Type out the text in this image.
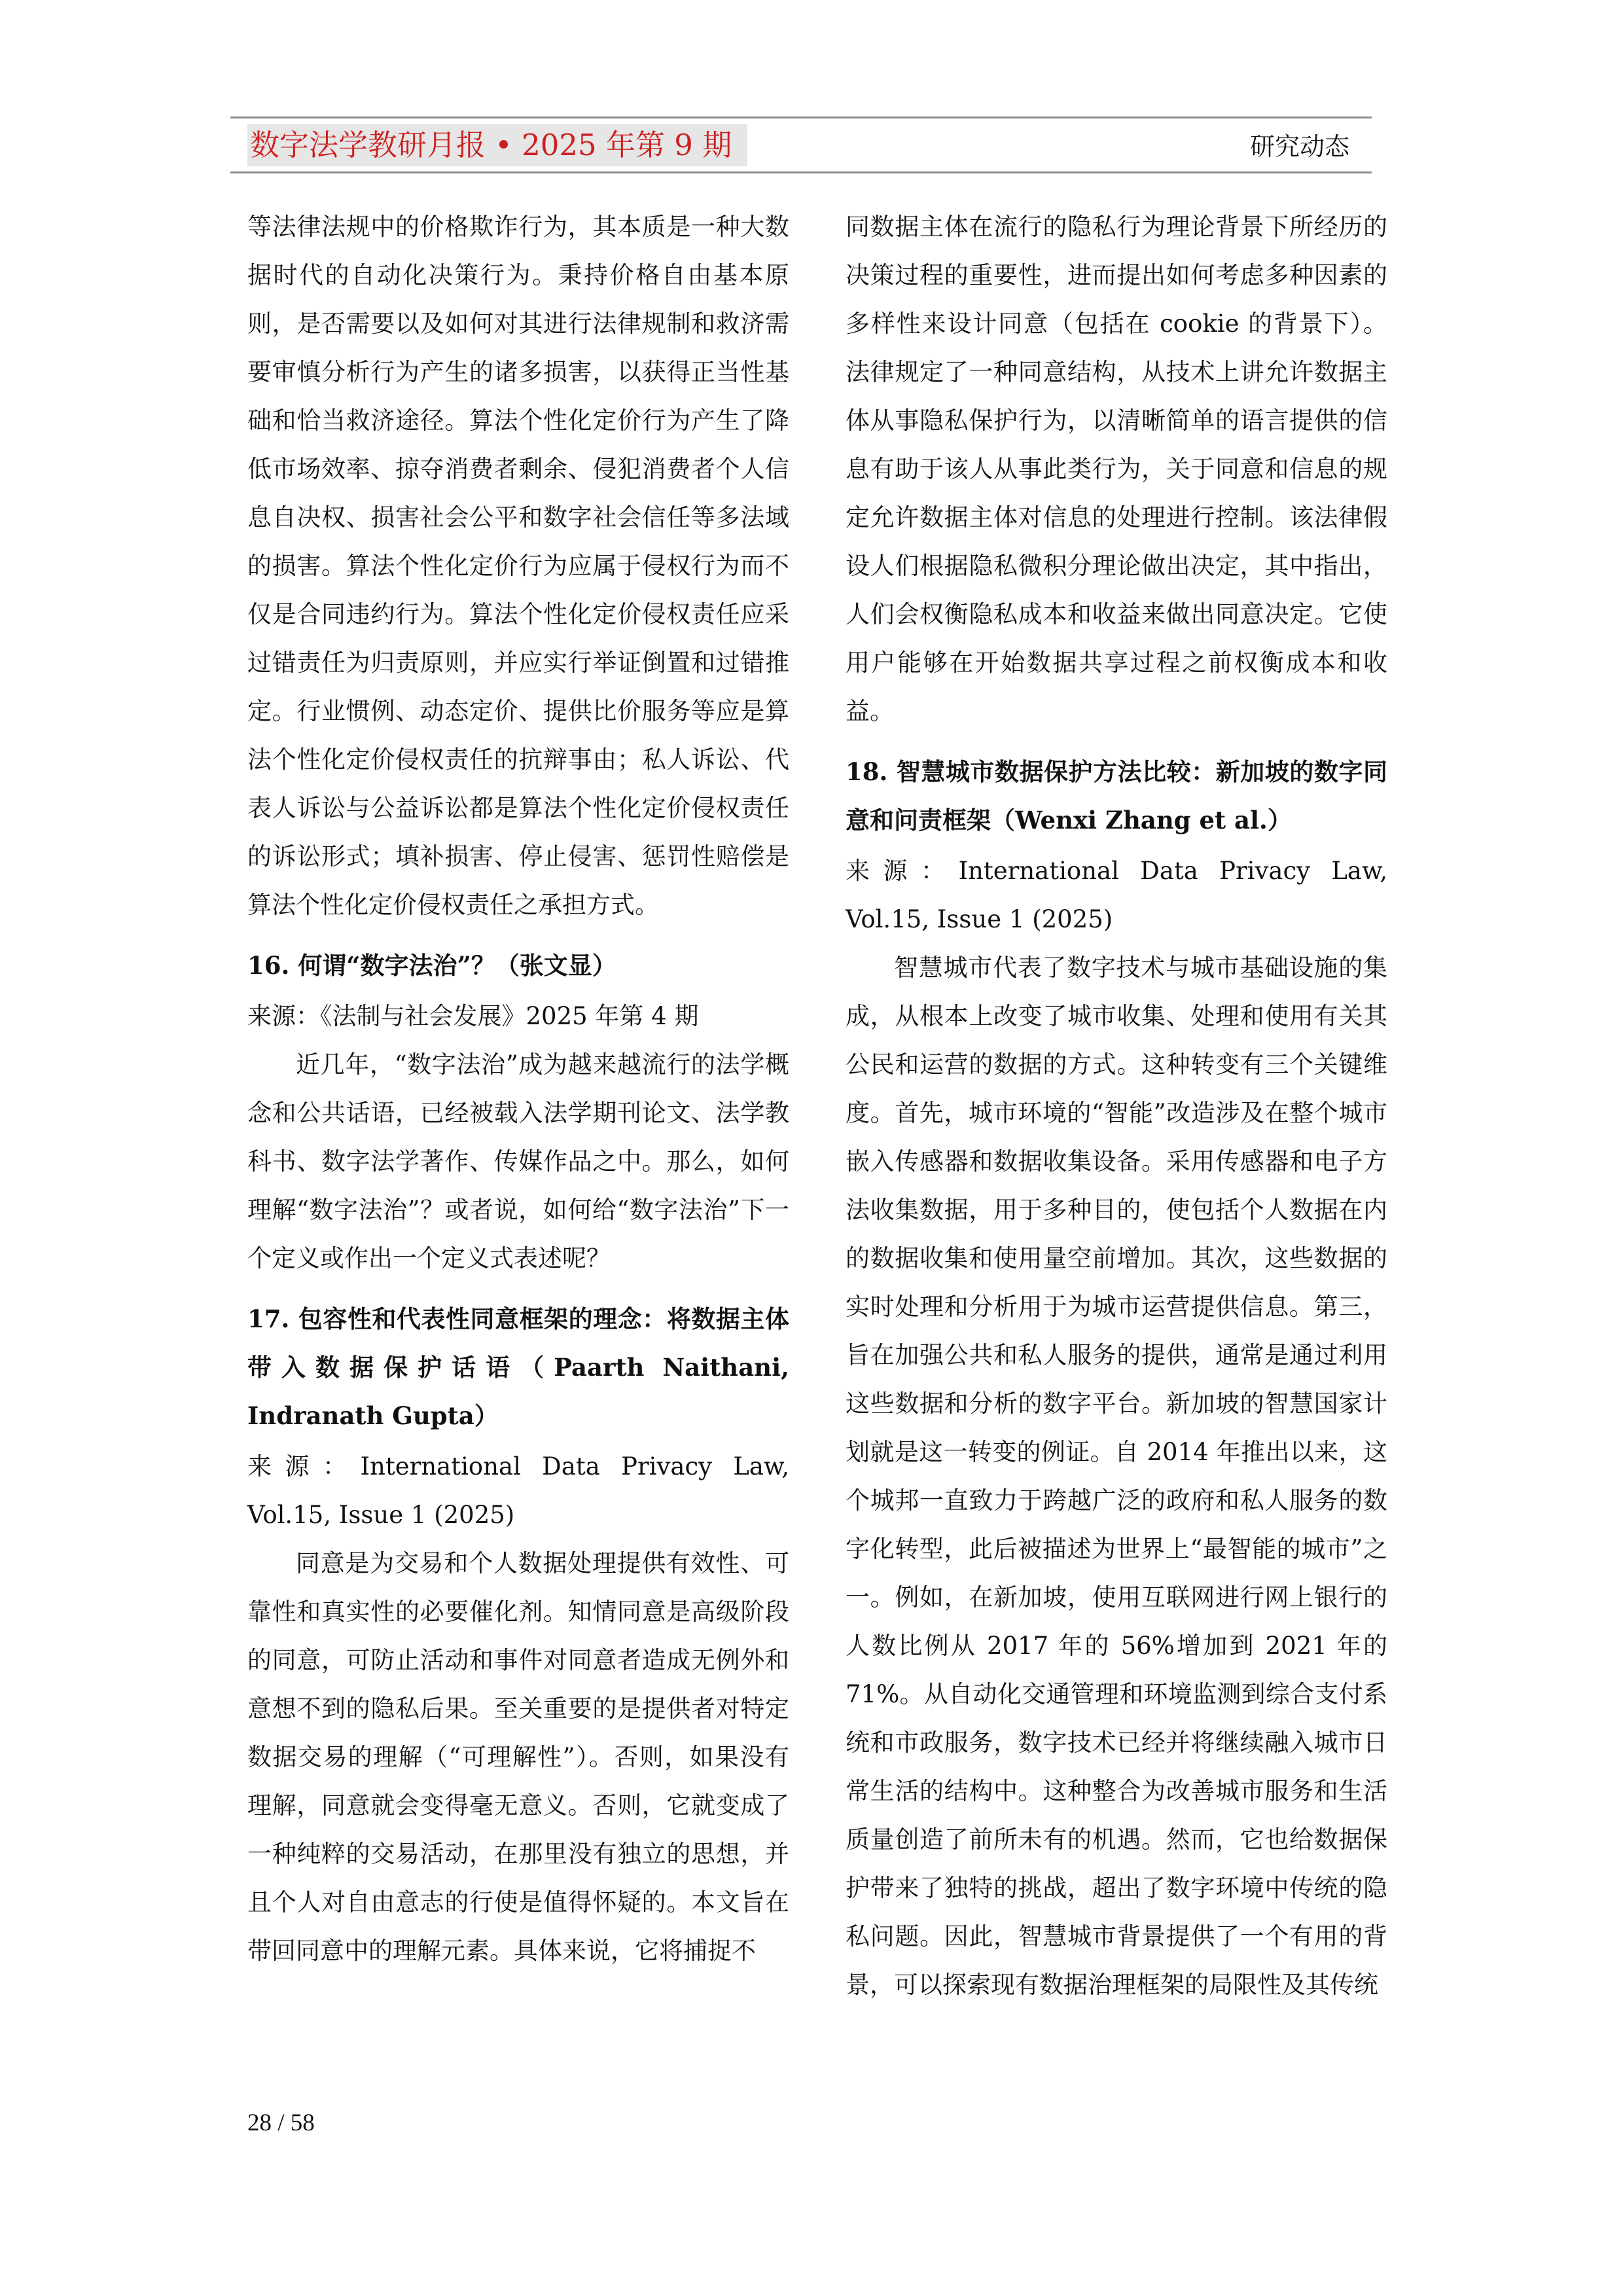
数字法学教研月报 • 2025 年第 9 期	研究动态

等法律法规中的价格欺诈行为，其本质是一种大数据时代的自动化决策行为。秉持价格自由基本原则，是否需要以及如何对其进行法律规制和救济需要审慎分析行为产生的诸多损害，以获得正当性基础和恰当救济途径。算法个性化定价行为产生了降低市场效率、掠夺消费者剩余、侵犯消费者个人信息自决权、损害社会公平和数字社会信任等多法域的损害。算法个性化定价行为应属于侵权行为而不仅是合同违约行为。算法个性化定价侵权责任应采过错责任为归责原则，并应实行举证倒置和过错推定。行业惯例、动态定价、提供比价服务等应是算法个性化定价侵权责任的抗辩事由；私人诉讼、代表人诉讼与公益诉讼都是算法个性化定价侵权责任的诉讼形式；填补损害、停止侵害、惩罚性赔偿是算法个性化定价侵权责任之承担方式。

16. 何谓“数字法治”？（张文显）

来源：《法制与社会发展》2025 年第 4 期

近几年，“数字法治”成为越来越流行的法学概念和公共话语，已经被载入法学期刊论文、法学教科书、数字法学著作、传媒作品之中。那么，如何理解“数字法治”？或者说，如何给“数字法治”下一个定义或作出一个定义式表述呢？

17. 包容性和代表性同意框架的理念：将数据主体带入数据保护话语（Paarth Naithani, Indranath Gupta）

来源：International Data Privacy Law, Vol.15, Issue 1 (2025)

同意是为交易和个人数据处理提供有效性、可靠性和真实性的必要催化剂。知情同意是高级阶段的同意，可防止活动和事件对同意者造成无例外和意想不到的隐私后果。至关重要的是提供者对特定数据交易的理解（“可理解性”）。否则，如果没有理解，同意就会变得毫无意义。否则，它就变成了一种纯粹的交易活动，在那里没有独立的思想，并且个人对自由意志的行使是值得怀疑的。本文旨在带回同意中的理解元素。具体来说，它将捕捉不

同数据主体在流行的隐私行为理论背景下所经历的决策过程的重要性，进而提出如何考虑多种因素的多样性来设计同意（包括在 cookie 的背景下）。法律规定了一种同意结构，从技术上讲允许数据主体从事隐私保护行为，以清晰简单的语言提供的信息有助于该人从事此类行为，关于同意和信息的规定允许数据主体对信息的处理进行控制。该法律假设人们根据隐私微积分理论做出决定，其中指出，人们会权衡隐私成本和收益来做出同意决定。它使用户能够在开始数据共享过程之前权衡成本和收益。

18. 智慧城市数据保护方法比较：新加坡的数字同意和问责框架（Wenxi Zhang et al.）

来源：International Data Privacy Law, Vol.15, Issue 1 (2025)

智慧城市代表了数字技术与城市基础设施的集成，从根本上改变了城市收集、处理和使用有关其公民和运营的数据的方式。这种转变有三个关键维度。首先，城市环境的“智能”改造涉及在整个城市嵌入传感器和数据收集设备。采用传感器和电子方法收集数据，用于多种目的，使包括个人数据在内的数据收集和使用量空前增加。其次，这些数据的实时处理和分析用于为城市运营提供信息。第三，旨在加强公共和私人服务的提供，通常是通过利用这些数据和分析的数字平台。新加坡的智慧国家计划就是这一转变的例证。自 2014 年推出以来，这个城邦一直致力于跨越广泛的政府和私人服务的数字化转型，此后被描述为世界上“最智能的城市”之一。例如，在新加坡，使用互联网进行网上银行的人数比例从 2017 年的 56%增加到 2021 年的 71%。从自动化交通管理和环境监测到综合支付系统和市政服务，数字技术已经并将继续融入城市日常生活的结构中。这种整合为改善城市服务和生活质量创造了前所未有的机遇。然而，它也给数据保护带来了独特的挑战，超出了数字环境中传统的隐私问题。因此，智慧城市背景提供了一个有用的背景，可以探索现有数据治理框架的局限性及其传统

28 / 58
